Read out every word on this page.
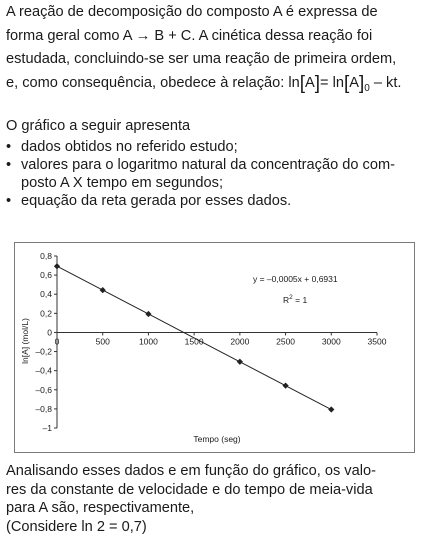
A reação de decomposição do composto A é expressa de
forma geral como A → B + C. A cinética dessa reação foi
estudada, concluindo-se ser uma reação de primeira ordem,
e, como consequência, obedece à relação: $\ln[A]= \ln[A]_0$ – kt.
O gráfico a seguir apresenta
• dados obtidos no referido estudo;
• valores para o logaritmo natural da concentração do com-
posto A X tempo em segundos;
• equação da reta gerada por esses dados.
0,8
0,6
0,4
0,2
0
–0,2
–0,4
–0,6
–0,8
–1
0	500	1000	1500	2000	2500	3000	3500
ln[A] (mol/L)
Tempo (seg)
y = –0,0005x + 0,6931
$R^2 = 1$
Analisando esses dados e em função do gráfico, os valo-
res da constante de velocidade e do tempo de meia-vida
para A são, respectivamente,
(Considere ln 2 = 0,7)
